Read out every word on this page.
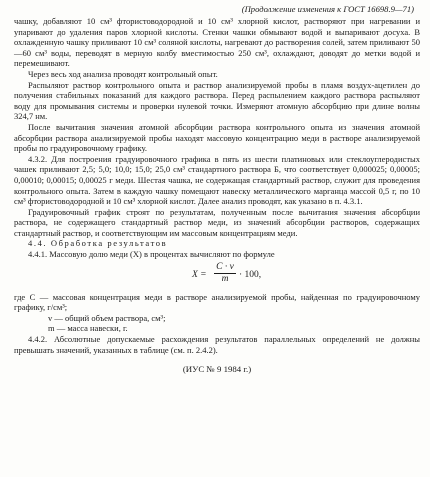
(Продолжение изменения к ГОСТ 16698.9—71)

чашку, добавляют 10 см³ фтористоводородной и 10 см³ хлорной кислот, растворяют при нагревании и упаривают до удаления паров хлорной кислоты. Стенки чашки обмывают водой и выпаривают досуха. В охлажденную чашку приливают 10 см³ соляной кислоты, нагревают до растворения солей, затем приливают 50—60 см³ воды, переводят в мерную колбу вместимостью 250 см³, охлаждают, доводят до метки водой и перемешивают.

Через весь ход анализа проводят контрольный опыт.

Распыляют раствор контрольного опыта и раствор анализируемой пробы в пламя воздух-ацетилен до получения стабильных показаний для каждого раствора. Перед распылением каждого раствора распыляют воду для промывания системы и проверки нулевой точки. Измеряют атомную абсорбцию при длине волны 324,7 нм.

После вычитания значения атомной абсорбции раствора контрольного опыта из значения атомной абсорбции раствора анализируемой пробы находят массовую концентрацию меди в растворе анализируемой пробы по градуировочному графику.

4.3.2. Для построения градуировочного графика в пять из шести платиновых или стеклоуглеродистых чашек приливают 2,5; 5,0; 10,0; 15,0; 25,0 см³ стандартного раствора Б, что соответствует 0,000025; 0,00005; 0,00010; 0,00015; 0,00025 г меди. Шестая чашка, не содержащая стандартный раствор, служит для проведения контрольного опыта. Затем в каждую чашку помещают навеску металлического марганца массой 0,5 г, по 10 см³ фтористоводородной и 10 см³ хлорной кислот. Далее анализ проводят, как указано в п. 4.3.1.

Градуировочный график строят по результатам, полученным после вычитания значения абсорбции раствора, не содержащего стандартный раствор меди, из значений абсорбции растворов, содержащих стандартный раствор, и соответствующим им массовым концентрациям меди.

4.4. Обработка результатов

4.4.1. Массовую долю меди (X) в процентах вычисляют по формуле

$X = \frac{C \cdot v}{m} \cdot 100$,

где C — массовая концентрация меди в растворе анализируемой пробы, найденная по градуировочному графику, г/см³;

v — общий объем раствора, см³;

m — масса навески, г.

4.4.2. Абсолютные допускаемые расхождения результатов параллельных определений не должны превышать значений, указанных в таблице (см. п. 2.4.2).

(ИУС № 9 1984 г.)
